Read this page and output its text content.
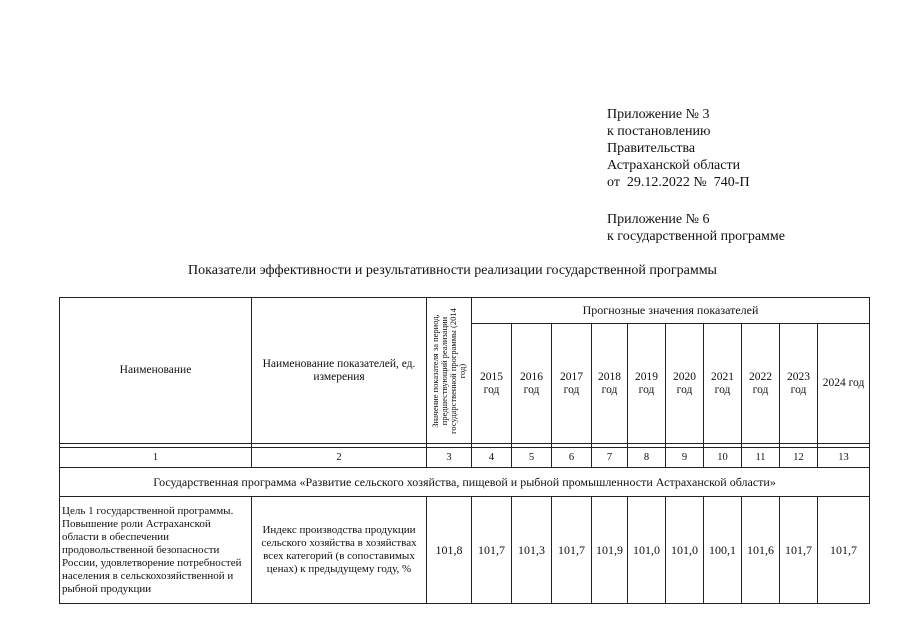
Приложение № 3
к постановлению
Правительства
Астраханской области
от  29.12.2022 №  740-П
Приложение № 6
к государственной программе
Показатели эффективности и результативности реализации государственной программы
Наименование	Наименование показателей, ед. измерения	Значение показателя за период, предшествующий реализации государственной программы (2014 год)	Прогнозные значения показателей									
			2015 год	2016 год	2017 год	2018 год	2019 год	2020 год	2021 год	2022 год	2023 год	2024 год

1	2	3	4	5	6	7	8	9	10	11	12	13
Государственная программа «Развитие сельского хозяйства, пищевой и рыбной промышленности Астраханской области»												
Цель 1 государственной программы. Повышение роли Астраханской области в обеспечении продовольственной безопасности России, удовлетворение потребностей населения в сельскохозяйственной и рыбной продукции	Индекс производства продукции сельского хозяйства в хозяйствах всех категорий (в сопоставимых ценах) к предыдущему году, %	101,8	101,7	101,3	101,7	101,9	101,0	101,0	100,1	101,6	101,7	101,7
